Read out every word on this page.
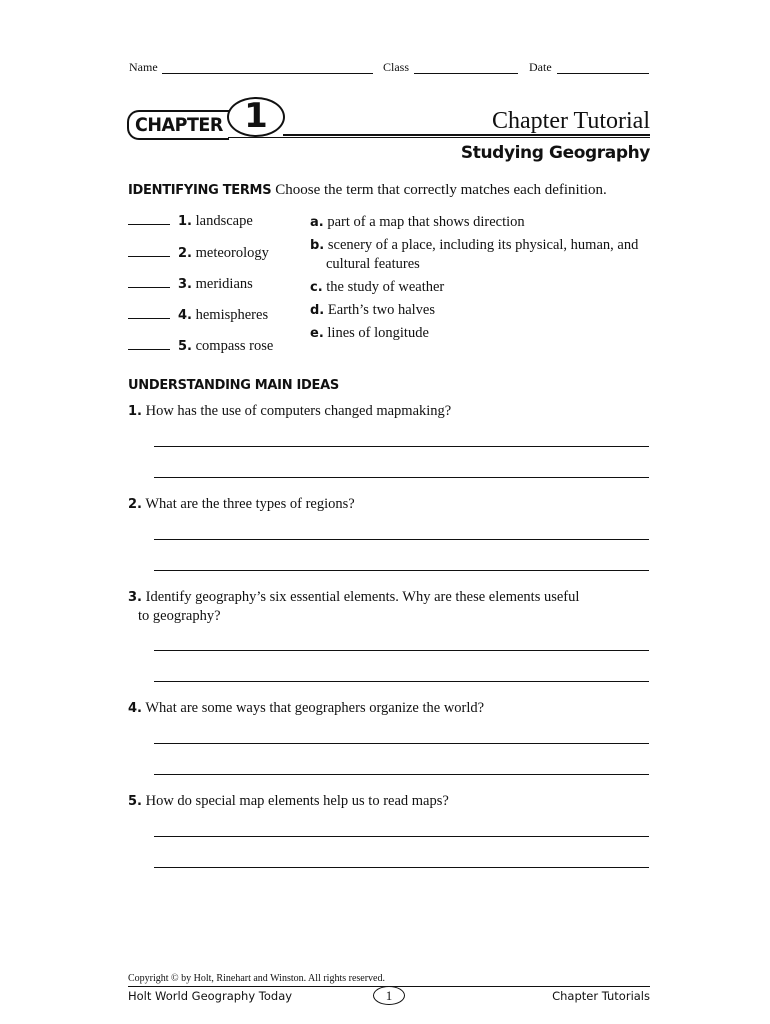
Name	Class	Date
CHAPTER 1	Chapter Tutorial
Studying Geography
IDENTIFYING TERMS Choose the term that correctly matches each definition.
1. landscape
2. meteorology
3. meridians
4. hemispheres
5. compass rose
a. part of a map that shows direction
b. scenery of a place, including its physical, human, and
cultural features
c. the study of weather
d. Earth’s two halves
e. lines of longitude
UNDERSTANDING MAIN IDEAS
1. How has the use of computers changed mapmaking?
2. What are the three types of regions?
3. Identify geography’s six essential elements. Why are these elements useful
to geography?
4. What are some ways that geographers organize the world?
5. How do special map elements help us to read maps?
Copyright © by Holt, Rinehart and Winston. All rights reserved.
Holt World Geography Today	1	Chapter Tutorials
